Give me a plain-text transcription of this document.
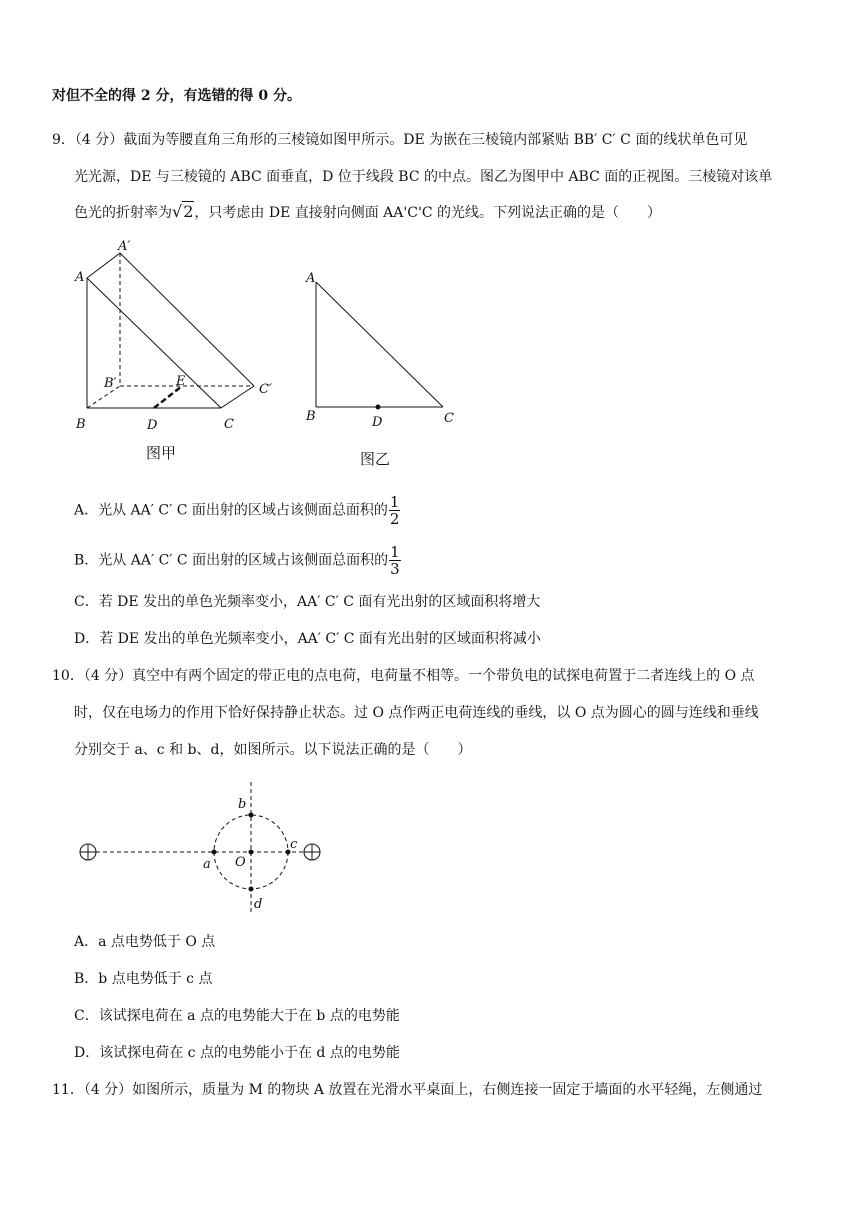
对但不全的得 2 分，有选错的得 0 分。
9．（4 分）截面为等腰直角三角形的三棱镜如图甲所示。DE 为嵌在三棱镜内部紧贴 BB′ C′ C 面的线状单色可见
光光源，DE 与三棱镜的 ABC 面垂直，D 位于线段 BC 的中点。图乙为图甲中 ABC 面的正视图。三棱镜对该单
色光的折射率为√2，只考虑由 DE 直接射向侧面 AA'C'C 的光线。下列说法正确的是（　　）
A
A′
B′	E
C′
B	D	C
图甲
A
B	D	C
图乙
A．光从 AA′ C′ C 面出射的区域占该侧面总面积的 $\frac{1}{2}$
B．光从 AA′ C′ C 面出射的区域占该侧面总面积的 $\frac{1}{3}$
C．若 DE 发出的单色光频率变小，AA′ C′ C 面有光出射的区域面积将增大
D．若 DE 发出的单色光频率变小，AA′ C′ C 面有光出射的区域面积将减小
10．（4 分）真空中有两个固定的带正电的点电荷，电荷量不相等。一个带负电的试探电荷置于二者连线上的 O 点
时，仅在电场力的作用下恰好保持静止状态。过 O 点作两正电荷连线的垂线，以 O 点为圆心的圆与连线和垂线
分别交于 a、c 和 b、d，如图所示。以下说法正确的是（　　）
a O
c
b
d
A．a 点电势低于 O 点
B．b 点电势低于 c 点
C．该试探电荷在 a 点的电势能大于在 b 点的电势能
D．该试探电荷在 c 点的电势能小于在 d 点的电势能
11．（4 分）如图所示，质量为 M 的物块 A 放置在光滑水平桌面上，右侧连接一固定于墙面的水平轻绳，左侧通过
